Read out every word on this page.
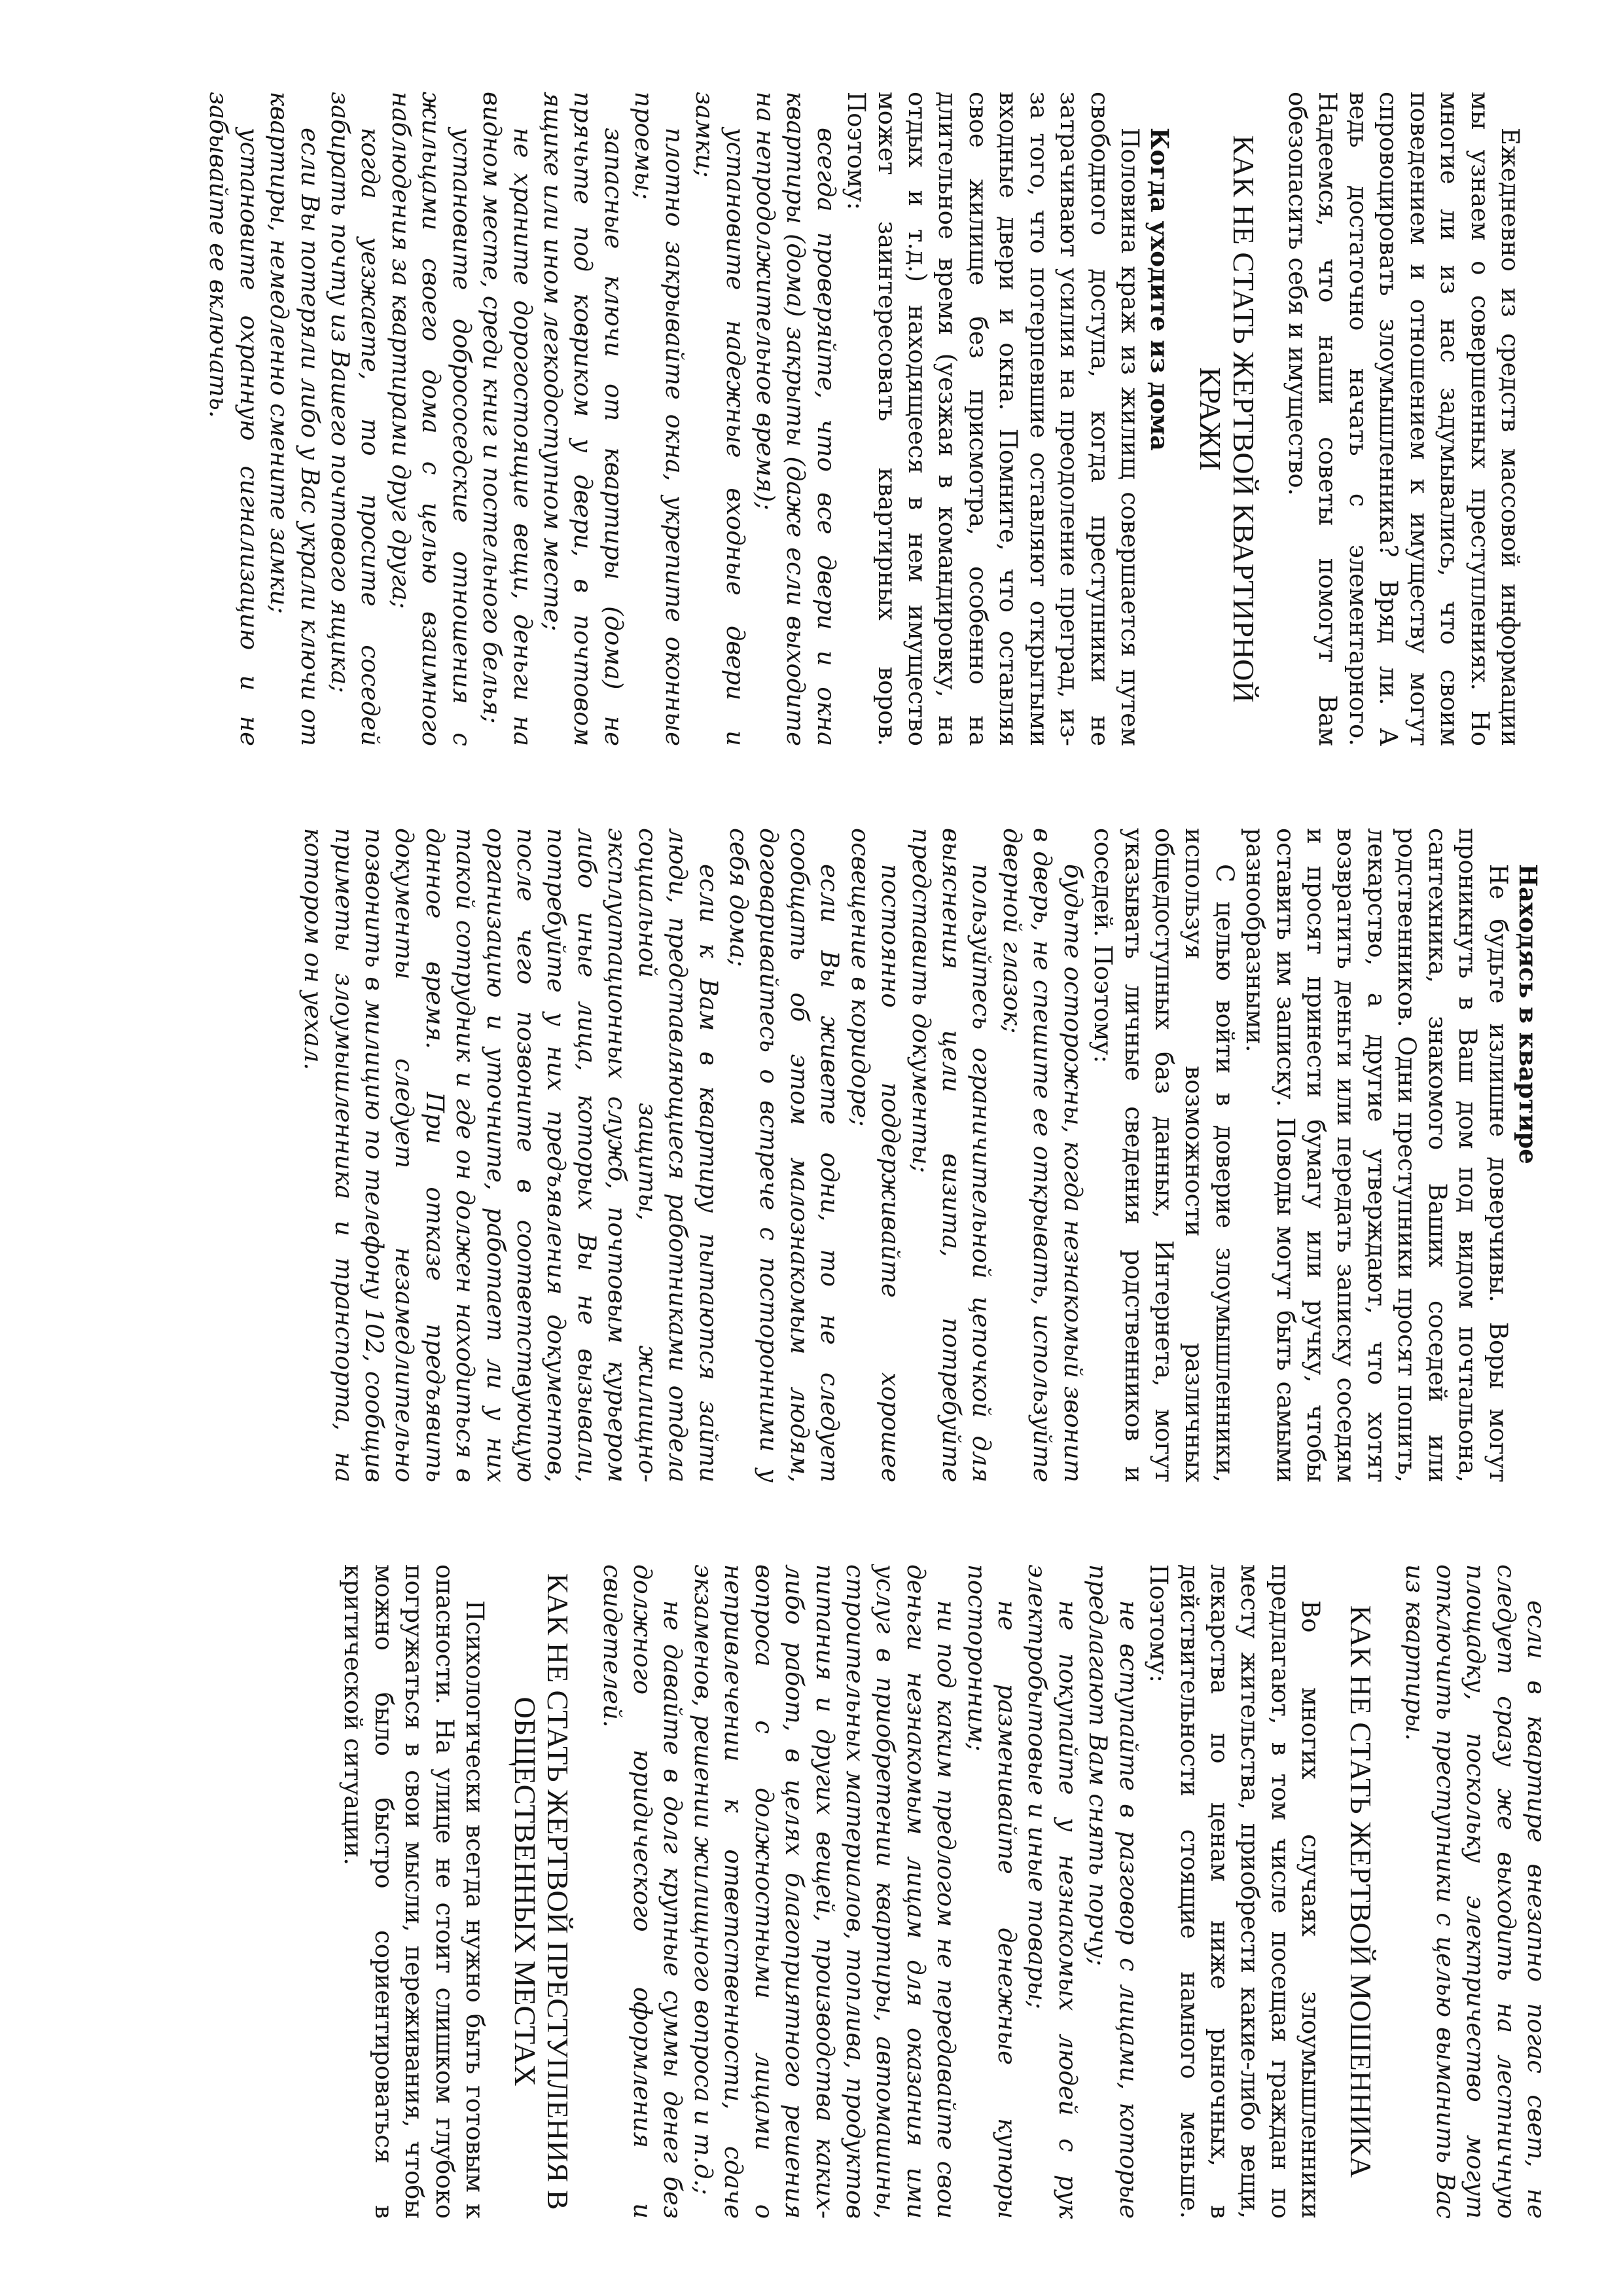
Ежедневно из средств массовой информации мы узнаем о совершенных преступлениях. Но многие ли из нас задумывались, что своим поведением и отношением к имуществу могут спровоцировать злоумышленника? Вряд ли. А ведь достаточно начать с элементарного. Надеемся, что наши советы помогут Вам обезопасить себя и имущество.

КАК НЕ СТАТЬ ЖЕРТВОЙ КВАРТИРНОЙ КРАЖИ
Когда уходите из дома

Половина краж из жилищ совершается путем свободного доступа, когда преступники не затрачивают усилия на преодоление преград, из-за того, что потерпевшие оставляют открытыми входные двери и окна. Помните, что оставляя свое жилище без присмотра, особенно на длительное время (уезжая в командировку, на отдых и т.д.) находящееся в нем имущество может заинтересовать квартирных воров. Поэтому:

всегда проверяйте, что все двери и окна квартиры (дома) закрыты (даже если выходите на непродолжительное время);

установите надежные входные двери и замки;

плотно закрывайте окна, укрепите оконные проемы;

запасные ключи от квартиры (дома) не прячьте под ковриком у двери, в почтовом ящике или ином легкодоступном месте;

не храните дорогостоящие вещи, деньги на видном месте, среди книг и постельного белья;

установите добрососедские отношения с жильцами своего дома с целью взаимного наблюдения за квартирами друг друга;

когда уезжаете, то просите соседей забирать почту из Вашего почтового ящика;

если Вы потеряли либо у Вас украли ключи от квартиры, немедленно смените замки;

установите охранную сигнализацию и не забывайте ее включать.

Находясь в квартире

Не будьте излишне доверчивы. Воры могут проникнуть в Ваш дом под видом почтальона, сантехника, знакомого Ваших соседей или родственников. Одни преступники просят попить, лекарство, а другие утверждают, что хотят возвратить деньги или передать записку соседям и просят принести бумагу или ручку, чтобы оставить им записку. Поводы могут быть самыми разнообразными.

С целью войти в доверие злоумышленники, используя возможности различных общедоступных баз данных, Интернета, могут указывать личные сведения родственников и соседей. Поэтому:

будьте осторожны, когда незнакомый звонит в дверь, не спешите ее открывать, используйте дверной глазок;

пользуйтесь ограничительной цепочкой для выяснения цели визита, потребуйте представить документы;

постоянно поддерживайте хорошее освещение в коридоре;

если Вы живете одни, то не следует сообщать об этом малознакомым людям, договаривайтесь о встрече с посторонними у себя дома;

если к Вам в квартиру пытаются зайти люди, представляющиеся работниками отдела социальной защиты, жилищно-эксплуатационных служб, почтовым курьером либо иные лица, которых Вы не вызывали, потребуйте у них предъявления документов, после чего позвоните в соответствующую организацию и уточните, работает ли у них такой сотрудник и где он должен находиться в данное время. При отказе предъявить документы следует незамедлительно позвонить в милицию по телефону 102, сообщив приметы злоумышленника и транспорта, на котором он уехал.

если в квартире внезапно погас свет, не следует сразу же выходить на лестничную площадку, поскольку электричество могут отключить преступники с целью выманить Вас из квартиры.

КАК НЕ СТАТЬ ЖЕРТВОЙ МОШЕННИКА

Во многих случаях злоумышленники предлагают, в том числе посещая граждан по месту жительства, приобрести какие-либо вещи, лекарства по ценам ниже рыночных, в действительности стоящие намного меньше. Поэтому:

не вступайте в разговор с лицами, которые предлагают Вам снять порчу;

не покупайте у незнакомых людей с рук электробытовые и иные товары;

не разменивайте денежные купюры посторонним;

ни под каким предлогом не передавайте свои деньги незнакомым лицам для оказания ими услуг в приобретении квартиры, автомашины, строительных материалов, топлива, продуктов питания и других вещей, производства каких-либо работ, в целях благоприятного решения вопроса с должностными лицами о непривлечении к ответственности, сдаче экзаменов, решении жилищного вопроса и т.д.;

не давайте в долг крупные суммы денег без должного юридического оформления и свидетелей.

КАК НЕ СТАТЬ ЖЕРТВОЙ ПРЕСТУПЛЕНИЯ В ОБЩЕСТВЕННЫХ МЕСТАХ

Психологически всегда нужно быть готовым к опасности. На улице не стоит слишком глубоко погружаться в свои мысли, переживания, чтобы можно было быстро сориентироваться в критической ситуации.
